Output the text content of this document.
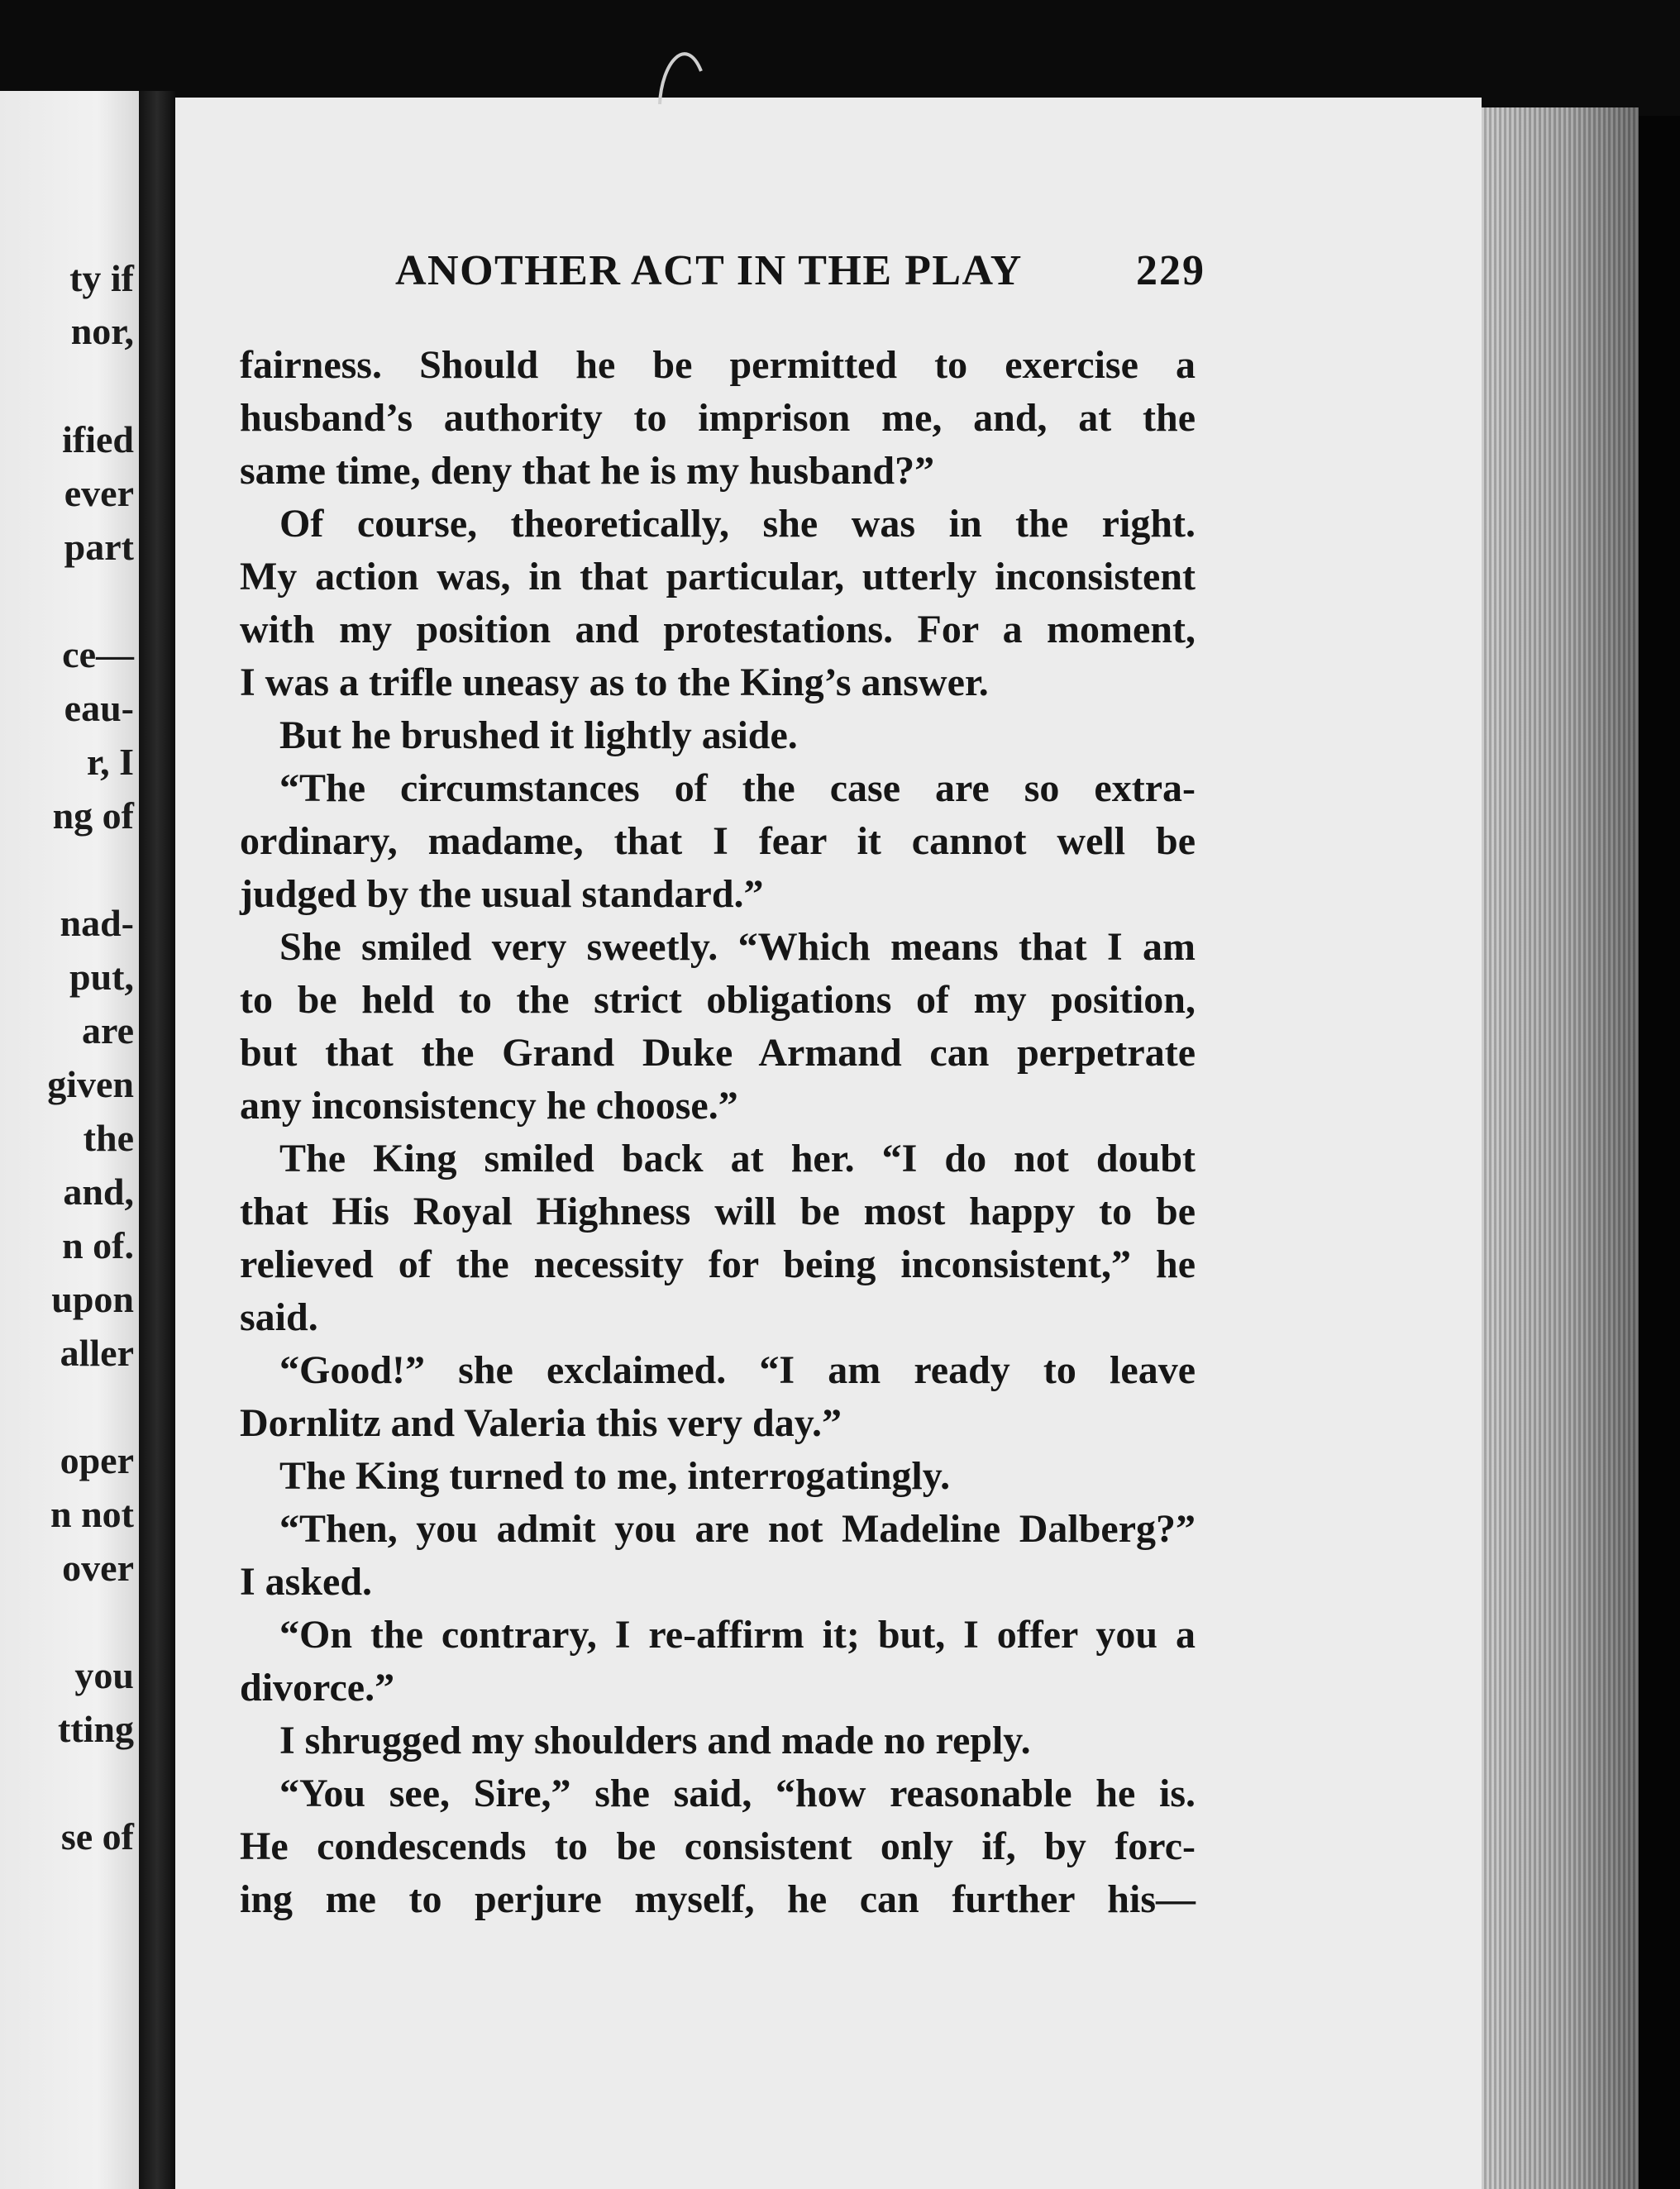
ty if

nor,

ified

ever

part

ce—

eau-

r, I

ng of

nad-

put,

are

given

the

and,

n of.

upon

aller

oper

n not

over

you

tting

se of

ANOTHER ACT IN THE PLAY	229

fairness. Should he be permitted to exercise a

husband’s authority to imprison me, and, at the

same time, deny that he is my husband?”

Of course, theoretically, she was in the right.

My action was, in that particular, utterly inconsistent

with my position and protestations. For a moment,

I was a trifle uneasy as to the King’s answer.

But he brushed it lightly aside.

“The circumstances of the case are so extra-

ordinary, madame, that I fear it cannot well be

judged by the usual standard.”

She smiled very sweetly. “Which means that I am

to be held to the strict obligations of my position,

but that the Grand Duke Armand can perpetrate

any inconsistency he choose.”

The King smiled back at her. “I do not doubt

that His Royal Highness will be most happy to be

relieved of the necessity for being inconsistent,” he

said.

“Good!” she exclaimed. “I am ready to leave

Dornlitz and Valeria this very day.”

The King turned to me, interrogatingly.

“Then, you admit you are not Madeline Dalberg?”

I asked.

“On the contrary, I re-affirm it; but, I offer you a

divorce.”

I shrugged my shoulders and made no reply.

“You see, Sire,” she said, “how reasonable he is.

He condescends to be consistent only if, by forc-

ing me to perjure myself, he can further his—
